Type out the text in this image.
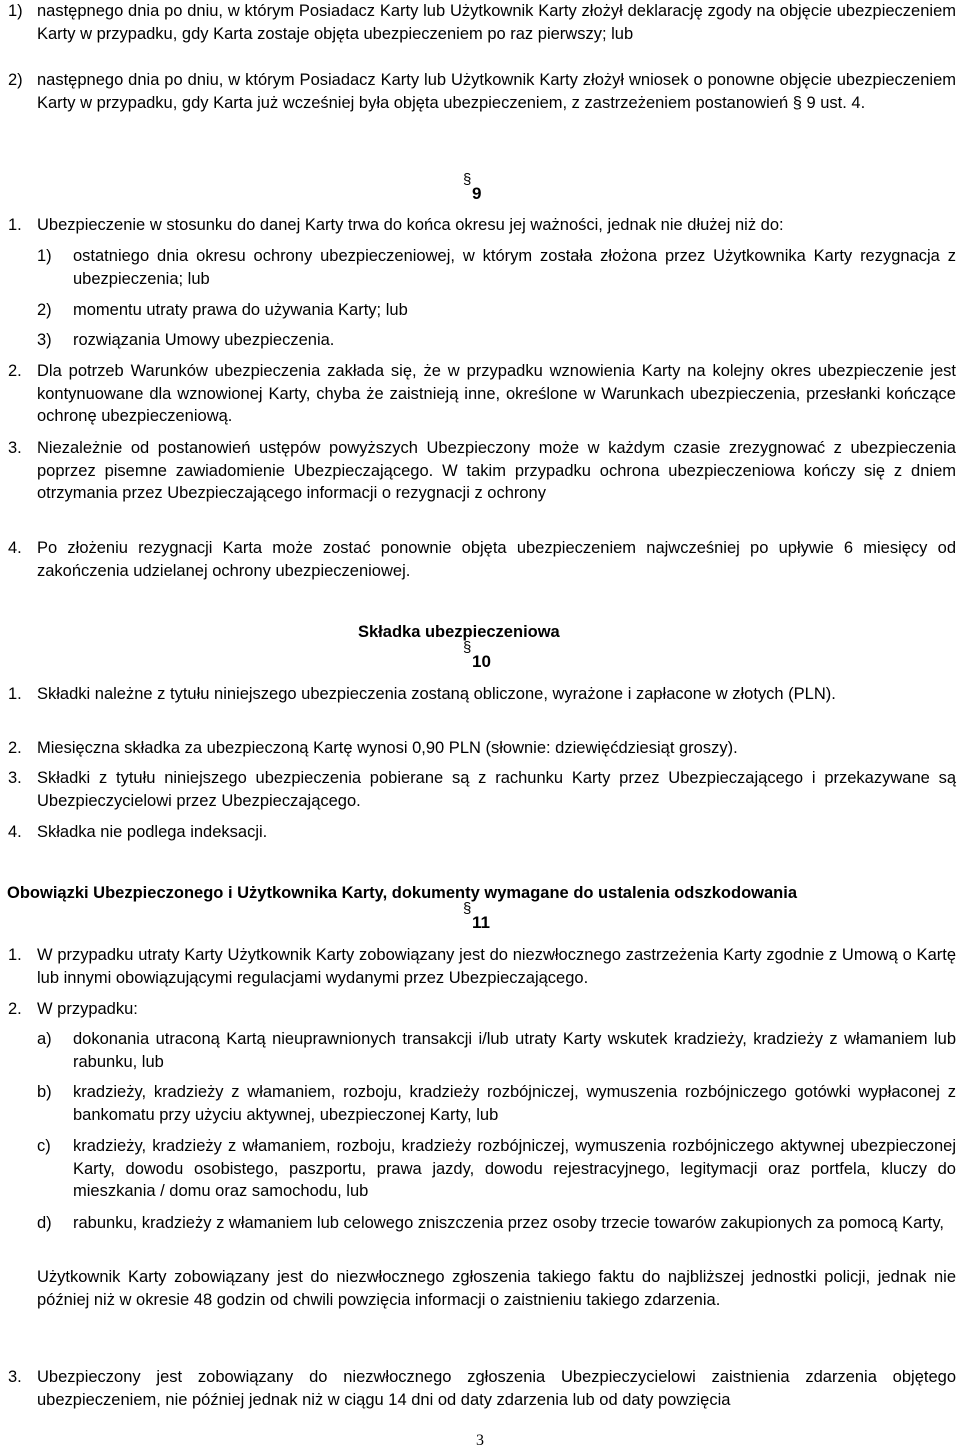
1) następnego dnia po dniu, w którym Posiadacz Karty lub Użytkownik Karty złożył deklarację zgody na objęcie ubezpieczeniem Karty w przypadku, gdy Karta zostaje objęta ubezpieczeniem po raz pierwszy; lub

2) następnego dnia po dniu, w którym Posiadacz Karty lub Użytkownik Karty złożył wniosek o ponowne objęcie ubezpieczeniem Karty w przypadku, gdy Karta już wcześniej była objęta ubezpieczeniem, z zastrzeżeniem postanowień § 9 ust. 4.

§
9
1. Ubezpieczenie w stosunku do danej Karty trwa do końca okresu jej ważności, jednak nie dłużej niż do:

1) ostatniego dnia okresu ochrony ubezpieczeniowej, w którym została złożona przez Użytkownika Karty rezygnacja z ubezpieczenia; lub

2) momentu utraty prawa do używania Karty; lub

3) rozwiązania Umowy ubezpieczenia.

2. Dla potrzeb Warunków ubezpieczenia zakłada się, że w przypadku wznowienia Karty na kolejny okres ubezpieczenie jest kontynuowane dla wznowionej Karty, chyba że zaistnieją inne, określone w Warunkach ubezpieczenia, przesłanki kończące ochronę ubezpieczeniową.

3. Niezależnie od postanowień ustępów powyższych Ubezpieczony może w każdym czasie zrezygnować z ubezpieczenia poprzez pisemne zawiadomienie Ubezpieczającego. W takim przypadku ochrona ubezpieczeniowa kończy się z dniem otrzymania przez Ubezpieczającego informacji o rezygnacji z ochrony

4. Po złożeniu rezygnacji Karta może zostać ponownie objęta ubezpieczeniem najwcześniej po upływie 6 miesięcy od zakończenia udzielanej ochrony ubezpieczeniowej.

Składka ubezpieczeniowa
§
10
1. Składki należne z tytułu niniejszego ubezpieczenia zostaną obliczone, wyrażone i zapłacone w złotych (PLN).

2. Miesięczna składka za ubezpieczoną Kartę wynosi 0,90 PLN (słownie: dziewięćdziesiąt groszy).

3. Składki z tytułu niniejszego ubezpieczenia pobierane są z rachunku Karty przez Ubezpieczającego i przekazywane są Ubezpieczycielowi przez Ubezpieczającego.

4. Składka nie podlega indeksacji.

Obowiązki Ubezpieczonego i Użytkownika Karty, dokumenty wymagane do ustalenia odszkodowania
§
11
1. W przypadku utraty Karty Użytkownik Karty zobowiązany jest do niezwłocznego zastrzeżenia Karty zgodnie z Umową o Kartę lub innymi obowiązującymi regulacjami wydanymi przez Ubezpieczającego.

2. W przypadku:

a) dokonania utraconą Kartą nieuprawnionych transakcji i/lub utraty Karty wskutek kradzieży, kradzieży z włamaniem lub rabunku, lub

b) kradzieży, kradzieży z włamaniem, rozboju, kradzieży rozbójniczej, wymuszenia rozbójniczego gotówki wypłaconej z bankomatu przy użyciu aktywnej, ubezpieczonej Karty, lub

c) kradzieży, kradzieży z włamaniem, rozboju, kradzieży rozbójniczej, wymuszenia rozbójniczego aktywnej ubezpieczonej Karty, dowodu osobistego, paszportu, prawa jazdy, dowodu rejestracyjnego, legitymacji oraz portfela, kluczy do mieszkania / domu oraz samochodu, lub

d) rabunku, kradzieży z włamaniem lub celowego zniszczenia przez osoby trzecie towarów zakupionych za pomocą Karty,

Użytkownik Karty zobowiązany jest do niezwłocznego zgłoszenia takiego faktu do najbliższej jednostki policji, jednak nie później niż w okresie 48 godzin od chwili powzięcia informacji o zaistnieniu takiego zdarzenia.

3. Ubezpieczony jest zobowiązany do niezwłocznego zgłoszenia Ubezpieczycielowi zaistnienia zdarzenia objętego ubezpieczeniem, nie później jednak niż w ciągu 14 dni od daty zdarzenia lub od daty powzięcia

3
